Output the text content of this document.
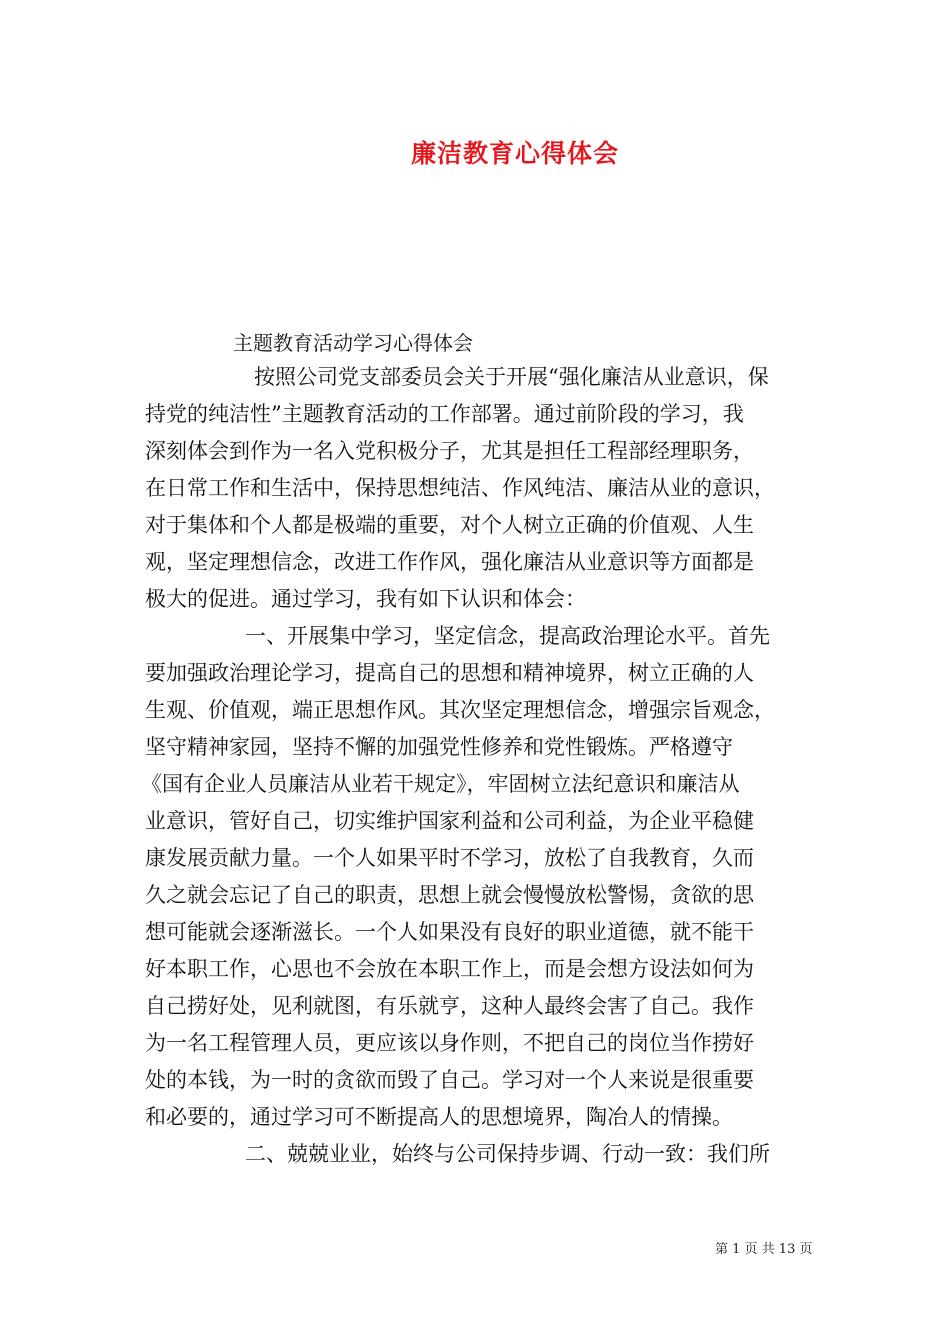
廉洁教育心得体会
主题教育活动学习心得体会
　按照公司党支部委员会关于开展“强化廉洁从业意识，保
持党的纯洁性”主题教育活动的工作部署。通过前阶段的学习，我
深刻体会到作为一名入党积极分子，尤其是担任工程部经理职务，
在日常工作和生活中，保持思想纯洁、作风纯洁、廉洁从业的意识，
对于集体和个人都是极端的重要，对个人树立正确的价值观、人生
观，坚定理想信念，改进工作作风，强化廉洁从业意识等方面都是
极大的促进。通过学习，我有如下认识和体会：
一、开展集中学习，坚定信念，提高政治理论水平。首先
要加强政治理论学习，提高自己的思想和精神境界，树立正确的人
生观、价值观，端正思想作风。其次坚定理想信念，增强宗旨观念，
坚守精神家园，坚持不懈的加强党性修养和党性锻炼。严格遵守
《国有企业人员廉洁从业若干规定》，牢固树立法纪意识和廉洁从
业意识，管好自己，切实维护国家利益和公司利益，为企业平稳健
康发展贡献力量。一个人如果平时不学习，放松了自我教育，久而
久之就会忘记了自己的职责，思想上就会慢慢放松警惕，贪欲的思
想可能就会逐渐滋长。一个人如果没有良好的职业道德，就不能干
好本职工作，心思也不会放在本职工作上，而是会想方设法如何为
自己捞好处，见利就图，有乐就亨，这种人最终会害了自己。我作
为一名工程管理人员，更应该以身作则，不把自己的岗位当作捞好
处的本钱，为一时的贪欲而毁了自己。学习对一个人来说是很重要
和必要的，通过学习可不断提高人的思想境界，陶冶人的情操。
二、兢兢业业，始终与公司保持步调、行动一致：我们所
第 1 页 共 13 页
